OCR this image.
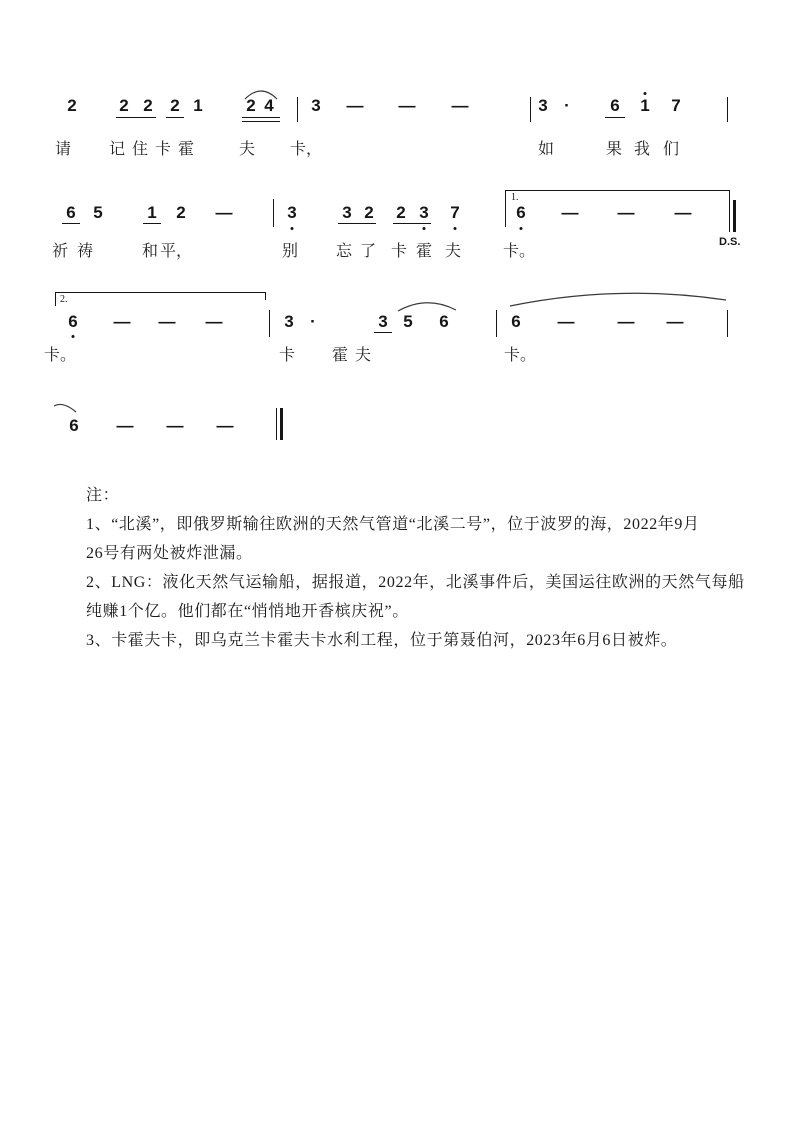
2	2 2 2 1	2 4 3 — — —	3 · 6 1 7
请 记 住 卡 霍	夫 卡，	如	果 我 们
6 5	1 2 —	3	3 2 2 3 7	6 — — —
1.
D.S.
祈 祷	和 平，	别 忘 了 卡 霍 夫	卡。
2.
6 — — —	3 ·	3 5 6	6 —	— —
卡。	卡 霍 夫	卡。
6 — — —
注：
1、“北溪”，即俄罗斯输往欧洲的天然气管道“北溪二号”，位于波罗的海，2022年9月
26号有两处被炸泄漏。
2、LNG：液化天然气运输船，据报道，2022年，北溪事件后，美国运往欧洲的天然气每船
纯赚1个亿。他们都在“悄悄地开香槟庆祝”。
3、卡霍夫卡，即乌克兰卡霍夫卡水利工程，位于第聂伯河，2023年6月6日被炸。
